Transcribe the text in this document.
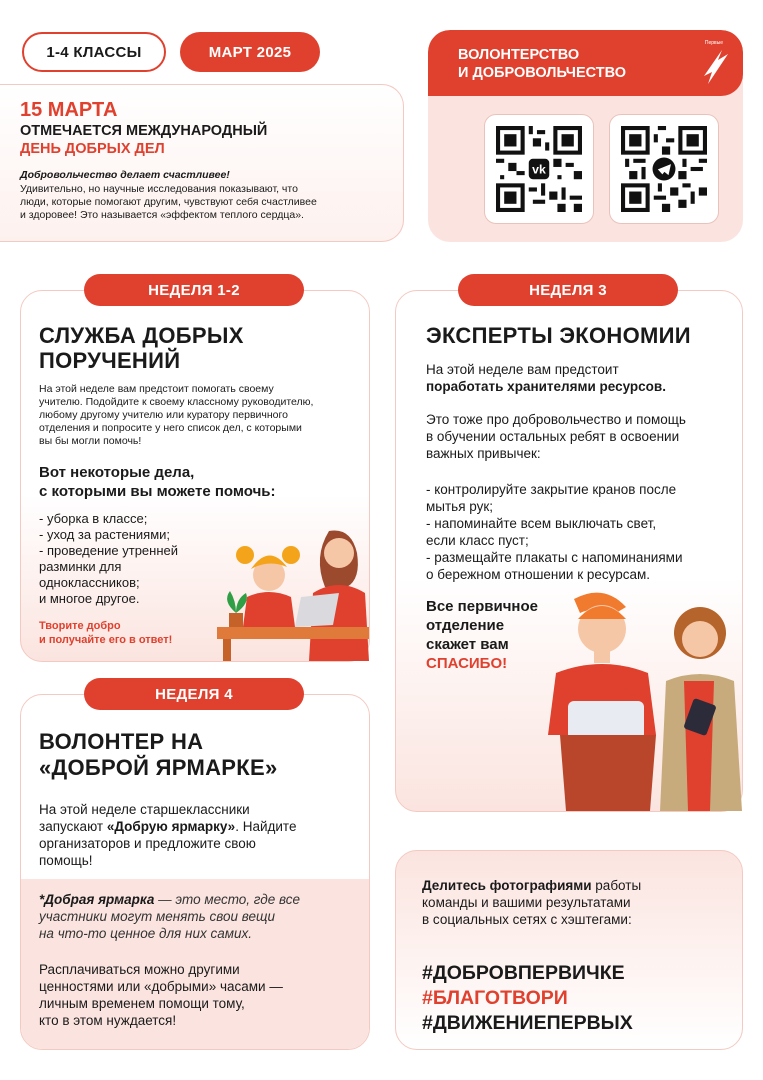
1-4 КЛАССЫ	МАРТ 2025
15 МАРТА
ОТМЕЧАЕТСЯ МЕЖДУНАРОДНЫЙ
ДЕНЬ ДОБРЫХ ДЕЛ
Добровольчество делает счастливее!
Удивительно, но научные исследования показывают, что
люди, которые помогают другим, чувствуют себя счастливее
и здоровее! Это называется «эффектом теплого сердца».
ВОЛОНТЕРСТВО
И ДОБРОВОЛЬЧЕСТВО
Первые
vk
СЛУЖБА ДОБРЫХ
ПОРУЧЕНИЙ
На этой неделе вам предстоит помогать своему
учителю. Подойдите к своему классному руководителю,
любому другому учителю или куратору первичного
отделения и попросите у него список дел, с которыми
вы бы могли помочь!
Вот некоторые дела,
с которыми вы можете помочь:
- уборка в классе;
- уход за растениями;
- проведение утренней
разминки для
одноклассников;
и многое другое.
Творите добро
и получайте его в ответ!
НЕДЕЛЯ 1-2
ЭКСПЕРТЫ ЭКОНОМИИ
На этой неделе вам предстоит
поработать хранителями ресурсов.
Это тоже про добровольчество и помощь
в обучении остальных ребят в освоении
важных привычек:
- контролируйте закрытие кранов после
мытья рук;
- напоминайте всем выключать свет,
если класс пуст;
- размещайте плакаты с напоминаниями
о бережном отношении к ресурсам.
Все первичное
отделение
скажет вам
СПАСИБО!
НЕДЕЛЯ 3
ВОЛОНТЕР НА
«ДОБРОЙ ЯРМАРКЕ»
На этой неделе старшеклассники
запускают «Добрую ярмарку». Найдите
организаторов и предложите свою
помощь!
*Добрая ярмарка — это место, где все
участники могут менять свои вещи
на что-то ценное для них самих.
Расплачиваться можно другими
ценностями или «добрыми» часами —
личным временем помощи тому,
кто в этом нуждается!
НЕДЕЛЯ 4
Делитесь фотографиями работы
команды и вашими результатами
в социальных сетях с хэштегами:
#ДОБРОВПЕРВИЧКЕ
#БЛАГОТВОРИ
#ДВИЖЕНИЕПЕРВЫХ
